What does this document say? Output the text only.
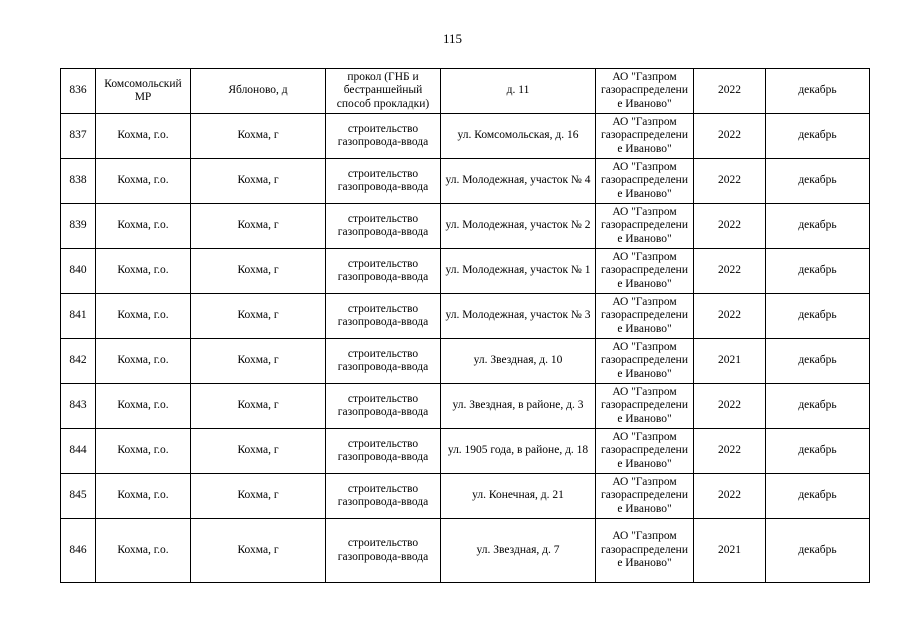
115
836	Комсомольский МР	Яблоново, д	прокол (ГНБ и бестраншейный способ прокладки)	д. 11	АО "Газпром газораспределение Иваново"	2022	декабрь
837	Кохма, г.о.	Кохма, г	строительство газопровода-ввода	ул. Комсомольская, д. 16	АО "Газпром газораспределение Иваново"	2022	декабрь
838	Кохма, г.о.	Кохма, г	строительство газопровода-ввода	ул. Молодежная, участок № 4	АО "Газпром газораспределение Иваново"	2022	декабрь
839	Кохма, г.о.	Кохма, г	строительство газопровода-ввода	ул. Молодежная, участок № 2	АО "Газпром газораспределение Иваново"	2022	декабрь
840	Кохма, г.о.	Кохма, г	строительство газопровода-ввода	ул. Молодежная, участок № 1	АО "Газпром газораспределение Иваново"	2022	декабрь
841	Кохма, г.о.	Кохма, г	строительство газопровода-ввода	ул. Молодежная, участок № 3	АО "Газпром газораспределение Иваново"	2022	декабрь
842	Кохма, г.о.	Кохма, г	строительство газопровода-ввода	ул. Звездная, д. 10	АО "Газпром газораспределение Иваново"	2021	декабрь
843	Кохма, г.о.	Кохма, г	строительство газопровода-ввода	ул. Звездная, в районе, д. 3	АО "Газпром газораспределение Иваново"	2022	декабрь
844	Кохма, г.о.	Кохма, г	строительство газопровода-ввода	ул. 1905 года, в районе, д. 18	АО "Газпром газораспределение Иваново"	2022	декабрь
845	Кохма, г.о.	Кохма, г	строительство газопровода-ввода	ул. Конечная, д. 21	АО "Газпром газораспределение Иваново"	2022	декабрь
846	Кохма, г.о.	Кохма, г	строительство газопровода-ввода	ул. Звездная, д. 7	АО "Газпром газораспределение Иваново"	2021	декабрь
